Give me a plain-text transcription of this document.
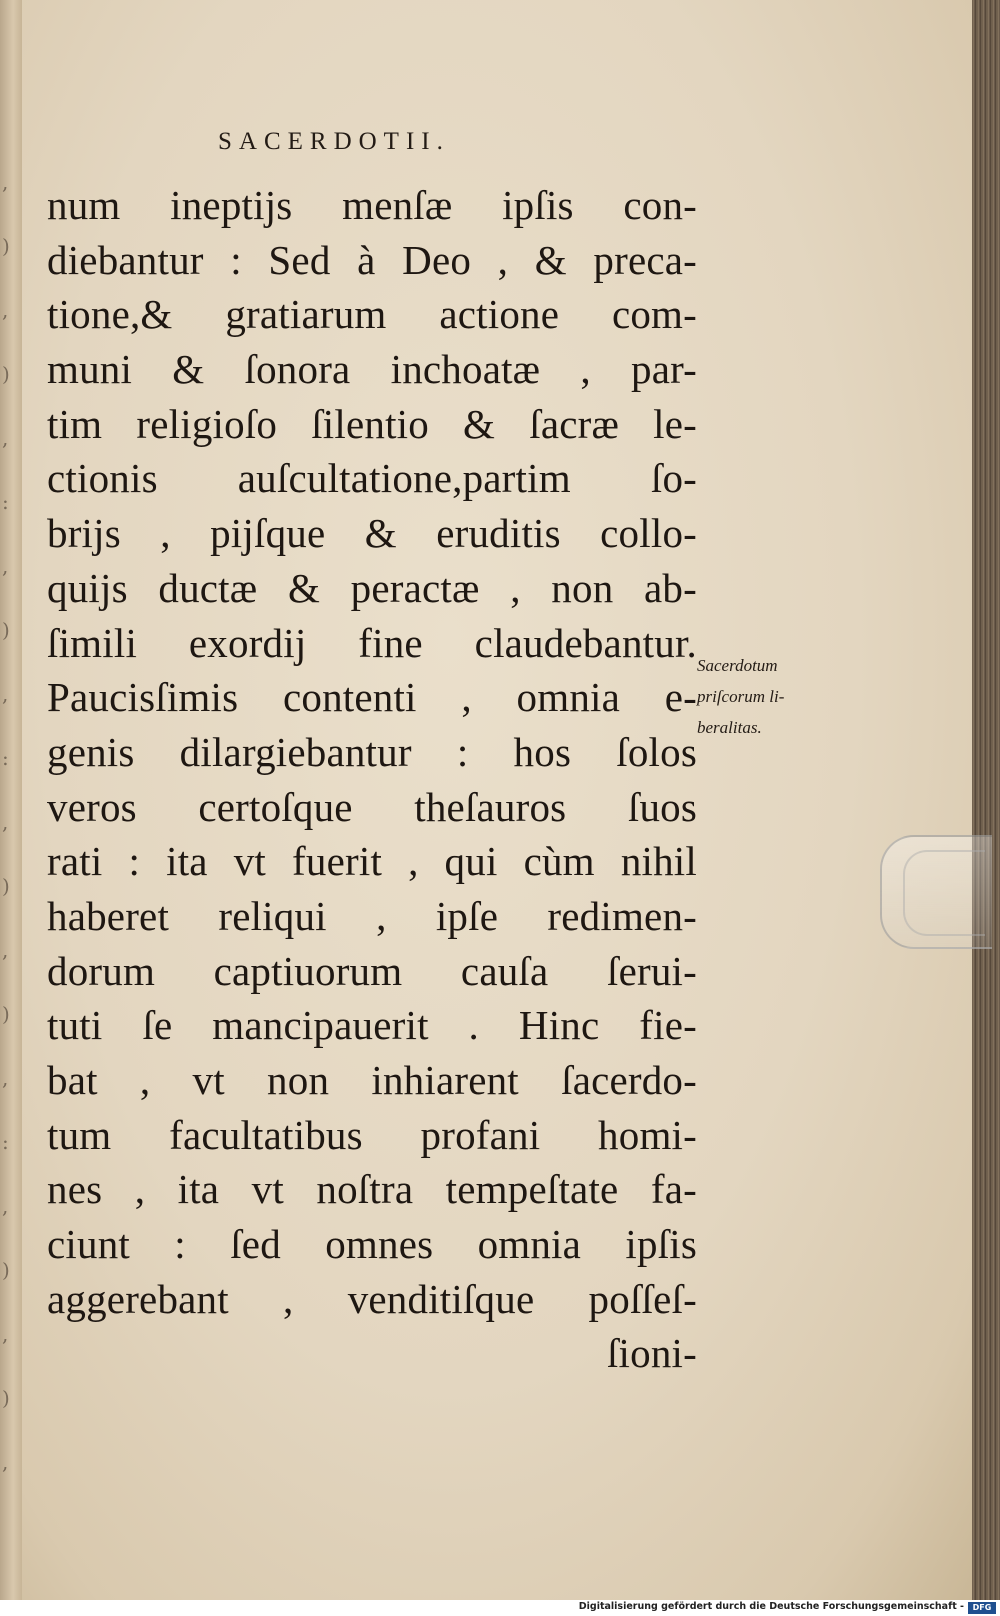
,
)
,
)
,
:
,
)
,
:
,
)
,
)
,
:
,
)
,
)
,
SACERDOTII.
num ineptijs menſæ ipſis con-
diebantur : Sed à Deo , & preca-
tione,& gratiarum actione com-
muni & ſonora inchoatæ , par-
tim religioſo ſilentio & ſacræ le-
ctionis auſcultatione,partim ſo-
brijs , pijſque & eruditis collo-
quijs ductæ & peractæ , non ab-
ſimili exordij fine claudebantur.
Paucisſimis contenti , omnia e-
genis dilargiebantur : hos ſolos
veros certoſque theſauros ſuos
rati : ita vt fuerit , qui cùm nihil
haberet reliqui , ipſe redimen-
dorum captiuorum cauſa ſerui-
tuti ſe mancipauerit . Hinc fie-
bat , vt non inhiarent ſacerdo-
tum facultatibus profani homi-
nes , ita vt noſtra tempeſtate fa-
ciunt : ſed omnes omnia ipſis
aggerebant , venditiſque poſſeſ-
ſioni-
Sacerdotum
priſcorum li-
beralitas.
Digitalisierung gefördert durch die Deutsche Forschungsgemeinschaft -	DFG
